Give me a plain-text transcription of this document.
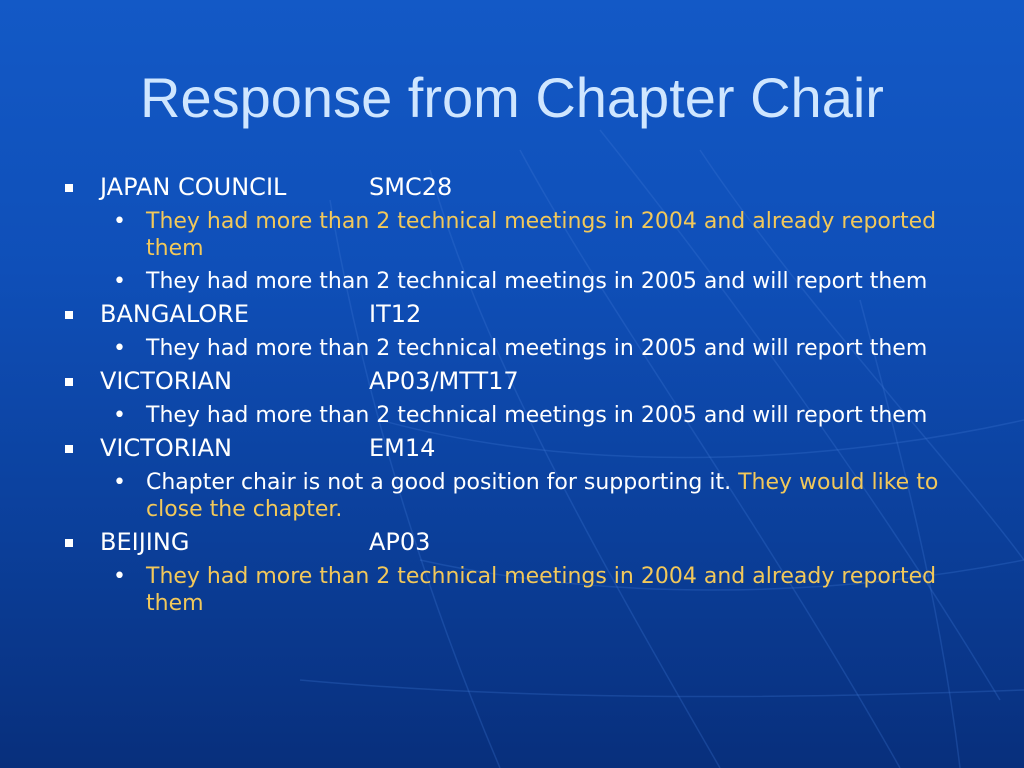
Response from Chapter Chair
JAPAN COUNCIL	SMC28
• They had more than 2 technical meetings in 2004 and already reported them
• They had more than 2 technical meetings in 2005 and will report them
BANGALORE	IT12
• They had more than 2 technical meetings in 2005 and will report them
VICTORIAN	AP03/MTT17
• They had more than 2 technical meetings in 2005 and will report them
VICTORIAN	EM14
• Chapter chair is not a good position for supporting it. They would like to close the chapter.
BEIJING	AP03
• They had more than 2 technical meetings in 2004 and already reported them
